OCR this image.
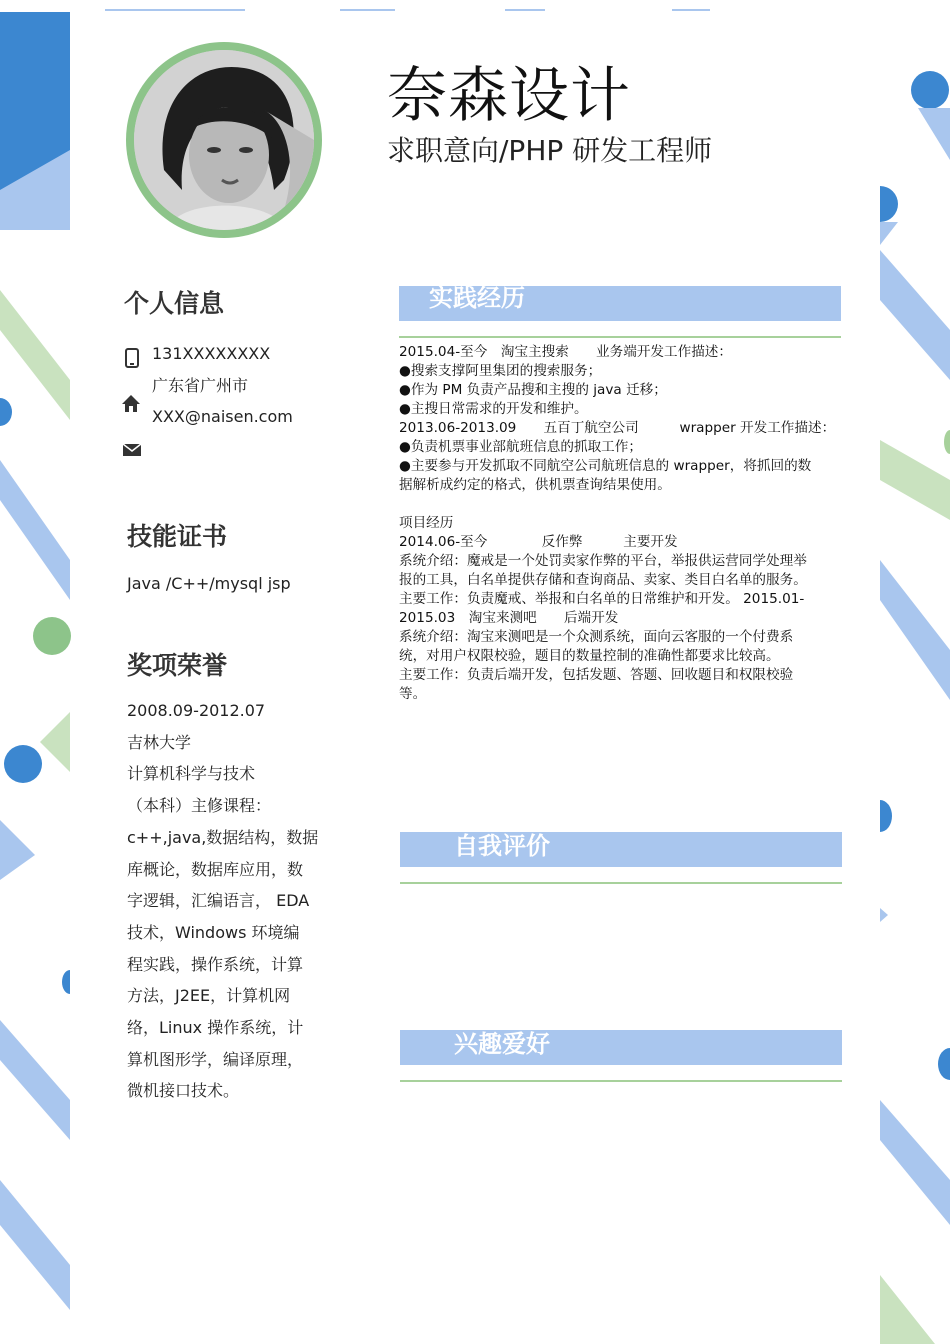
奈森设计
求职意向/PHP 研发工程师
个人信息
131XXXXXXXX
广东省广州市
XXX@naisen.com
技能证书
Java /C++/mysql jsp
奖项荣誉
2008.09-2012.07
吉林大学
计算机科学与技术
（本科）主修课程：
c++,java,数据结构，数据
库概论，数据库应用，数
字逻辑，汇编语言， EDA
技术，Windows 环境编
程实践，操作系统，计算
方法，J2EE，计算机网
络，Linux 操作系统，计
算机图形学，编译原理，
微机接口技术。
实践经历
2015.04-至今　淘宝主搜索　　业务端开发工作描述：
●搜索支撑阿里集团的搜索服务；
●作为 PM 负责产品搜和主搜的 java 迁移；
●主搜日常需求的开发和维护。
2013.06-2013.09　　五百丁航空公司　　　wrapper 开发工作描述：
●负责机票事业部航班信息的抓取工作；
●主要参与开发抓取不同航空公司航班信息的 wrapper，将抓回的数
据解析成约定的格式，供机票查询结果使用。
项目经历
2014.06-至今　　　　反作弊　　　主要开发
系统介绍：魔戒是一个处罚卖家作弊的平台，举报供运营同学处理举
报的工具，白名单提供存储和查询商品、卖家、类目白名单的服务。
主要工作：负责魔戒、举报和白名单的日常维护和开发。 2015.01-
2015.03　淘宝来测吧　　后端开发
系统介绍：淘宝来测吧是一个众测系统，面向云客服的一个付费系
统，对用户权限校验，题目的数量控制的准确性都要求比较高。
主要工作：负责后端开发，包括发题、答题、回收题目和权限校验
等。
自我评价
兴趣爱好
